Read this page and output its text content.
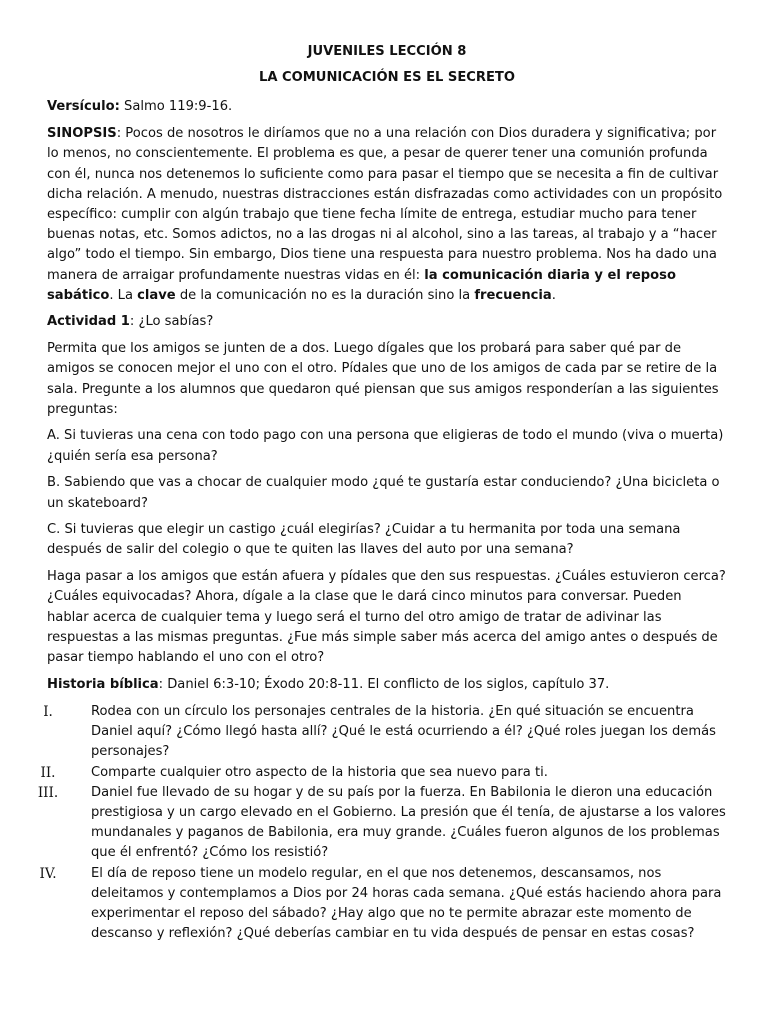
JUVENILES LECCIÓN 8

LA COMUNICACIÓN ES EL SECRETO

Versículo: Salmo 119:9-16.

SINOPSIS: Pocos de nosotros le diríamos que no a una relación con Dios duradera y significativa; por lo menos, no conscientemente. El problema es que, a pesar de querer tener una comunión profunda con él, nunca nos detenemos lo suficiente como para pasar el tiempo que se necesita a fin de cultivar dicha relación. A menudo, nuestras distracciones están disfrazadas como actividades con un propósito específico: cumplir con algún trabajo que tiene fecha límite de entrega, estudiar mucho para tener buenas notas, etc. Somos adictos, no a las drogas ni al alcohol, sino a las tareas, al trabajo y a “hacer algo” todo el tiempo. Sin embargo, Dios tiene una respuesta para nuestro problema. Nos ha dado una manera de arraigar profundamente nuestras vidas en él: la comunicación diaria y el reposo sabático. La clave de la comunicación no es la duración sino la frecuencia.

Actividad 1: ¿Lo sabías?

Permita que los amigos se junten de a dos. Luego dígales que los probará para saber qué par de amigos se conocen mejor el uno con el otro. Pídales que uno de los amigos de cada par se retire de la sala. Pregunte a los alumnos que quedaron qué piensan que sus amigos responderían a las siguientes preguntas:

A. Si tuvieras una cena con todo pago con una persona que eligieras de todo el mundo (viva o muerta) ¿quién sería esa persona?

B. Sabiendo que vas a chocar de cualquier modo ¿qué te gustaría estar conduciendo? ¿Una bicicleta o un skateboard?

C. Si tuvieras que elegir un castigo ¿cuál elegirías? ¿Cuidar a tu hermanita por toda una semana después de salir del colegio o que te quiten las llaves del auto por una semana?

Haga pasar a los amigos que están afuera y pídales que den sus respuestas. ¿Cuáles estuvieron cerca? ¿Cuáles equivocadas? Ahora, dígale a la clase que le dará cinco minutos para conversar. Pueden hablar acerca de cualquier tema y luego será el turno del otro amigo de tratar de adivinar las respuestas a las mismas preguntas. ¿Fue más simple saber más acerca del amigo antes o después de pasar tiempo hablando el uno con el otro?

Historia bíblica: Daniel 6:3-10; Éxodo 20:8-11. El conflicto de los siglos, capítulo 37.

I.	Rodea con un círculo los personajes centrales de la historia. ¿En qué situación se encuentra Daniel aquí? ¿Cómo llegó hasta allí? ¿Qué le está ocurriendo a él? ¿Qué roles juegan los demás personajes?
II.	Comparte cualquier otro aspecto de la historia que sea nuevo para ti.
III.	Daniel fue llevado de su hogar y de su país por la fuerza. En Babilonia le dieron una educación prestigiosa y un cargo elevado en el Gobierno. La presión que él tenía, de ajustarse a los valores mundanales y paganos de Babilonia, era muy grande. ¿Cuáles fueron algunos de los problemas que él enfrentó? ¿Cómo los resistió?
IV.	El día de reposo tiene un modelo regular, en el que nos detenemos, descansamos, nos deleitamos y contemplamos a Dios por 24 horas cada semana. ¿Qué estás haciendo ahora para experimentar el reposo del sábado? ¿Hay algo que no te permite abrazar este momento de descanso y reflexión? ¿Qué deberías cambiar en tu vida después de pensar en estas cosas?
